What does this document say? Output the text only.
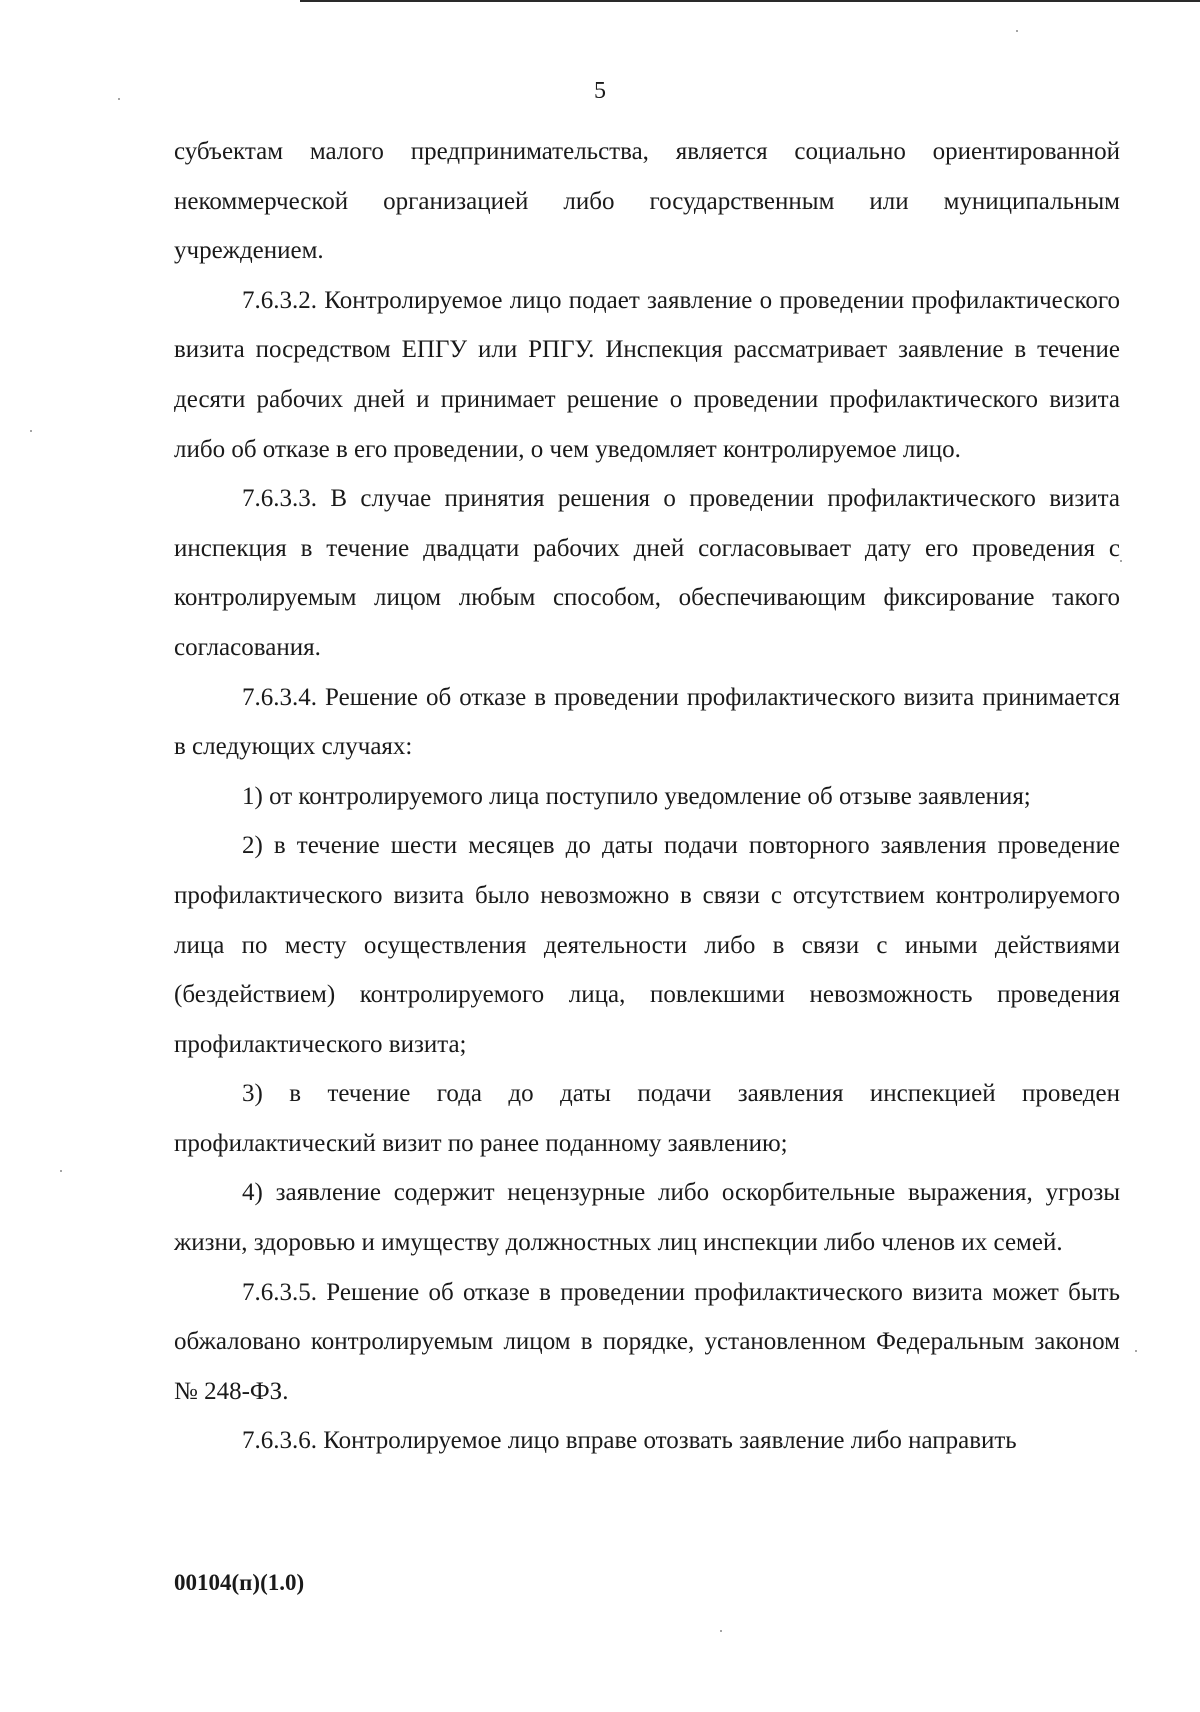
5

субъектам малого предпринимательства, является социально ориентированной некоммерческой организацией либо государственным или муниципальным учреждением.

7.6.3.2. Контролируемое лицо подает заявление о проведении профилактического визита посредством ЕПГУ или РПГУ. Инспекция рассматривает заявление в течение десяти рабочих дней и принимает решение о проведении профилактического визита либо об отказе в его проведении, о чем уведомляет контролируемое лицо.

7.6.3.3. В случае принятия решения о проведении профилактического визита инспекция в течение двадцати рабочих дней согласовывает дату его проведения с контролируемым лицом любым способом, обеспечивающим фиксирование такого согласования.

7.6.3.4. Решение об отказе в проведении профилактического визита принимается в следующих случаях:

1) от контролируемого лица поступило уведомление об отзыве заявления;

2) в течение шести месяцев до даты подачи повторного заявления проведение профилактического визита было невозможно в связи с отсутствием контролируемого лица по месту осуществления деятельности либо в связи с иными действиями (бездействием) контролируемого лица, повлекшими невозможность проведения профилактического визита;

3) в течение года до даты подачи заявления инспекцией проведен профилактический визит по ранее поданному заявлению;

4) заявление содержит нецензурные либо оскорбительные выражения, угрозы жизни, здоровью и имуществу должностных лиц инспекции либо членов их семей.

7.6.3.5. Решение об отказе в проведении профилактического визита может быть обжаловано контролируемым лицом в порядке, установленном Федеральным законом № 248-ФЗ.

7.6.3.6. Контролируемое лицо вправе отозвать заявление либо направить

00104(п)(1.0)
